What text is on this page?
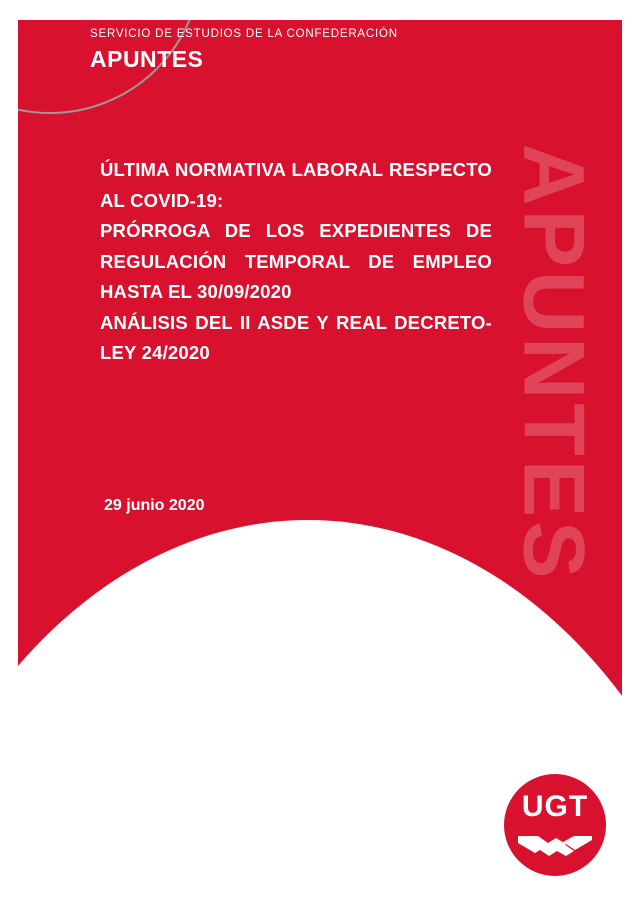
APUNTES

SERVICIO DE ESTUDIOS DE LA CONFEDERACIÓN

APUNTES

ÚLTIMA NORMATIVA LABORAL RESPECTO AL COVID-19:
PRÓRROGA DE LOS EXPEDIENTES DE REGULACIÓN TEMPORAL DE EMPLEO HASTA EL 30/09/2020
ANÁLISIS DEL II ASDE Y REAL DECRETO-LEY 24/2020
29 junio 2020
UGT
